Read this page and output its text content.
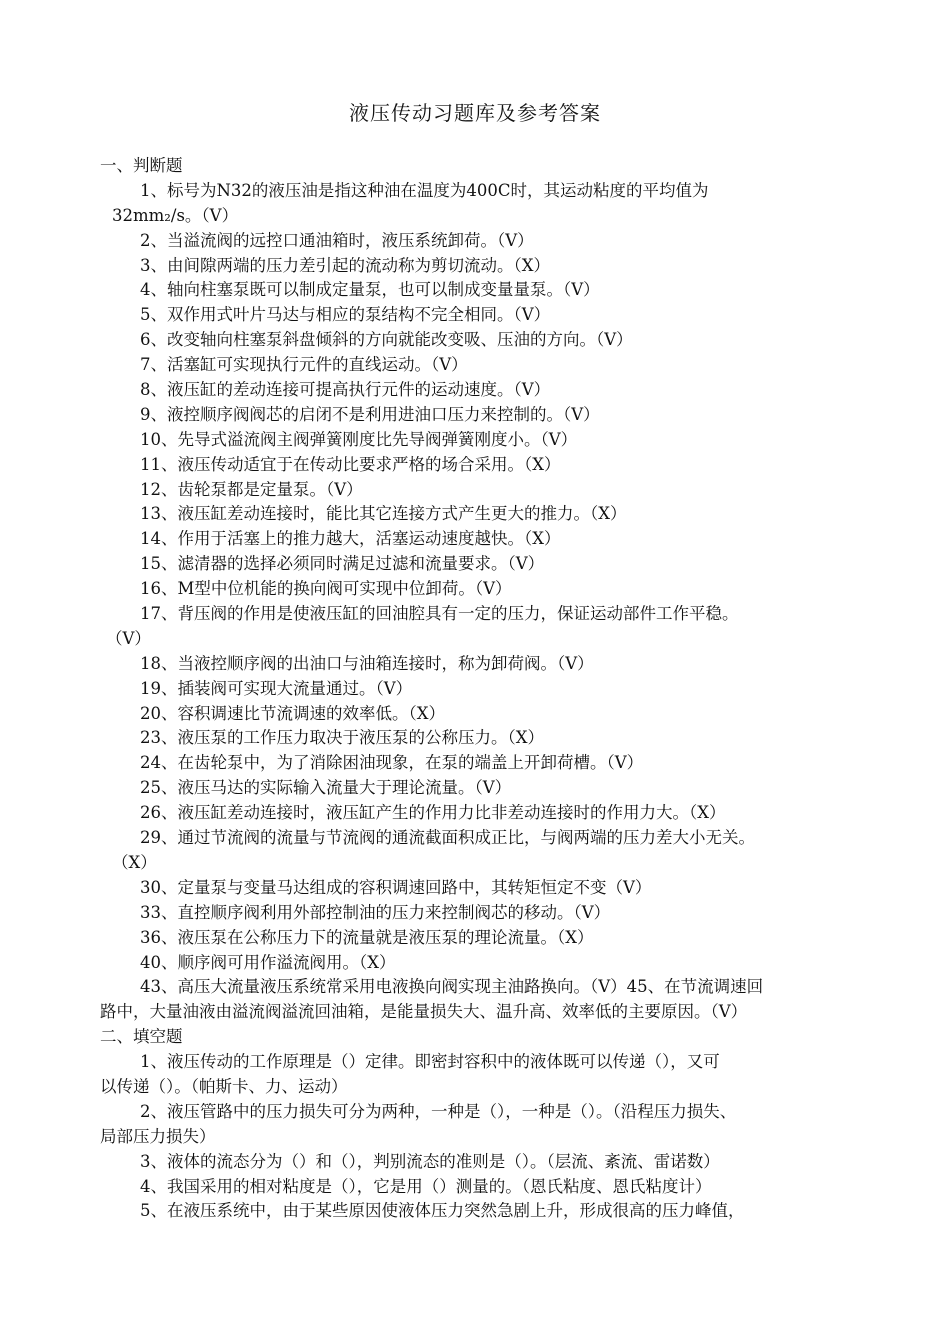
液压传动习题库及参考答案
一、判断题
1、标号为N32的液压油是指这种油在温度为400C时，其运动粘度的平均值为
32mm₂/s。（V）
2、当溢流阀的远控口通油箱时，液压系统卸荷。（V）
3、由间隙两端的压力差引起的流动称为剪切流动。（X）
4、轴向柱塞泵既可以制成定量泵，也可以制成变量量泵。（V）
5、双作用式叶片马达与相应的泵结构不完全相同。（V）
6、改变轴向柱塞泵斜盘倾斜的方向就能改变吸、压油的方向。（V）
7、活塞缸可实现执行元件的直线运动。（V）
8、液压缸的差动连接可提高执行元件的运动速度。（V）
9、液控顺序阀阀芯的启闭不是利用进油口压力来控制的。（V）
10、先导式溢流阀主阀弹簧刚度比先导阀弹簧刚度小。（V）
11、液压传动适宜于在传动比要求严格的场合采用。（X）
12、齿轮泵都是定量泵。（V）
13、液压缸差动连接时，能比其它连接方式产生更大的推力。（X）
14、作用于活塞上的推力越大，活塞运动速度越快。（X）
15、滤清器的选择必须同时满足过滤和流量要求。（V）
16、M型中位机能的换向阀可实现中位卸荷。（V）
17、背压阀的作用是使液压缸的回油腔具有一定的压力，保证运动部件工作平稳。
（V）
18、当液控顺序阀的出油口与油箱连接时，称为卸荷阀。（V）
19、插装阀可实现大流量通过。（V）
20、容积调速比节流调速的效率低。（X）
23、液压泵的工作压力取决于液压泵的公称压力。（X）
24、在齿轮泵中，为了消除困油现象，在泵的端盖上开卸荷槽。（V）
25、液压马达的实际输入流量大于理论流量。（V）
26、液压缸差动连接时，液压缸产生的作用力比非差动连接时的作用力大。（X）
29、通过节流阀的流量与节流阀的通流截面积成正比，与阀两端的压力差大小无关。
（X）
30、定量泵与变量马达组成的容积调速回路中，其转矩恒定不变（V）
33、直控顺序阀利用外部控制油的压力来控制阀芯的移动。（V）
36、液压泵在公称压力下的流量就是液压泵的理论流量。（X）
40、顺序阀可用作溢流阀用。（X）
43、高压大流量液压系统常采用电液换向阀实现主油路换向。（V）45、在节流调速回
路中，大量油液由溢流阀溢流回油箱，是能量损失大、温升高、效率低的主要原因。（V）
二、填空题
1、液压传动的工作原理是（）定律。即密封容积中的液体既可以传递（），又可
以传递（）。（帕斯卡、力、运动）
2、液压管路中的压力损失可分为两种，一种是（），一种是（）。（沿程压力损失、
局部压力损失）
3、液体的流态分为（）和（），判别流态的准则是（）。（层流、紊流、雷诺数）
4、我国采用的相对粘度是（），它是用（）测量的。（恩氏粘度、恩氏粘度计）
5、在液压系统中，由于某些原因使液体压力突然急剧上升，形成很高的压力峰值，
